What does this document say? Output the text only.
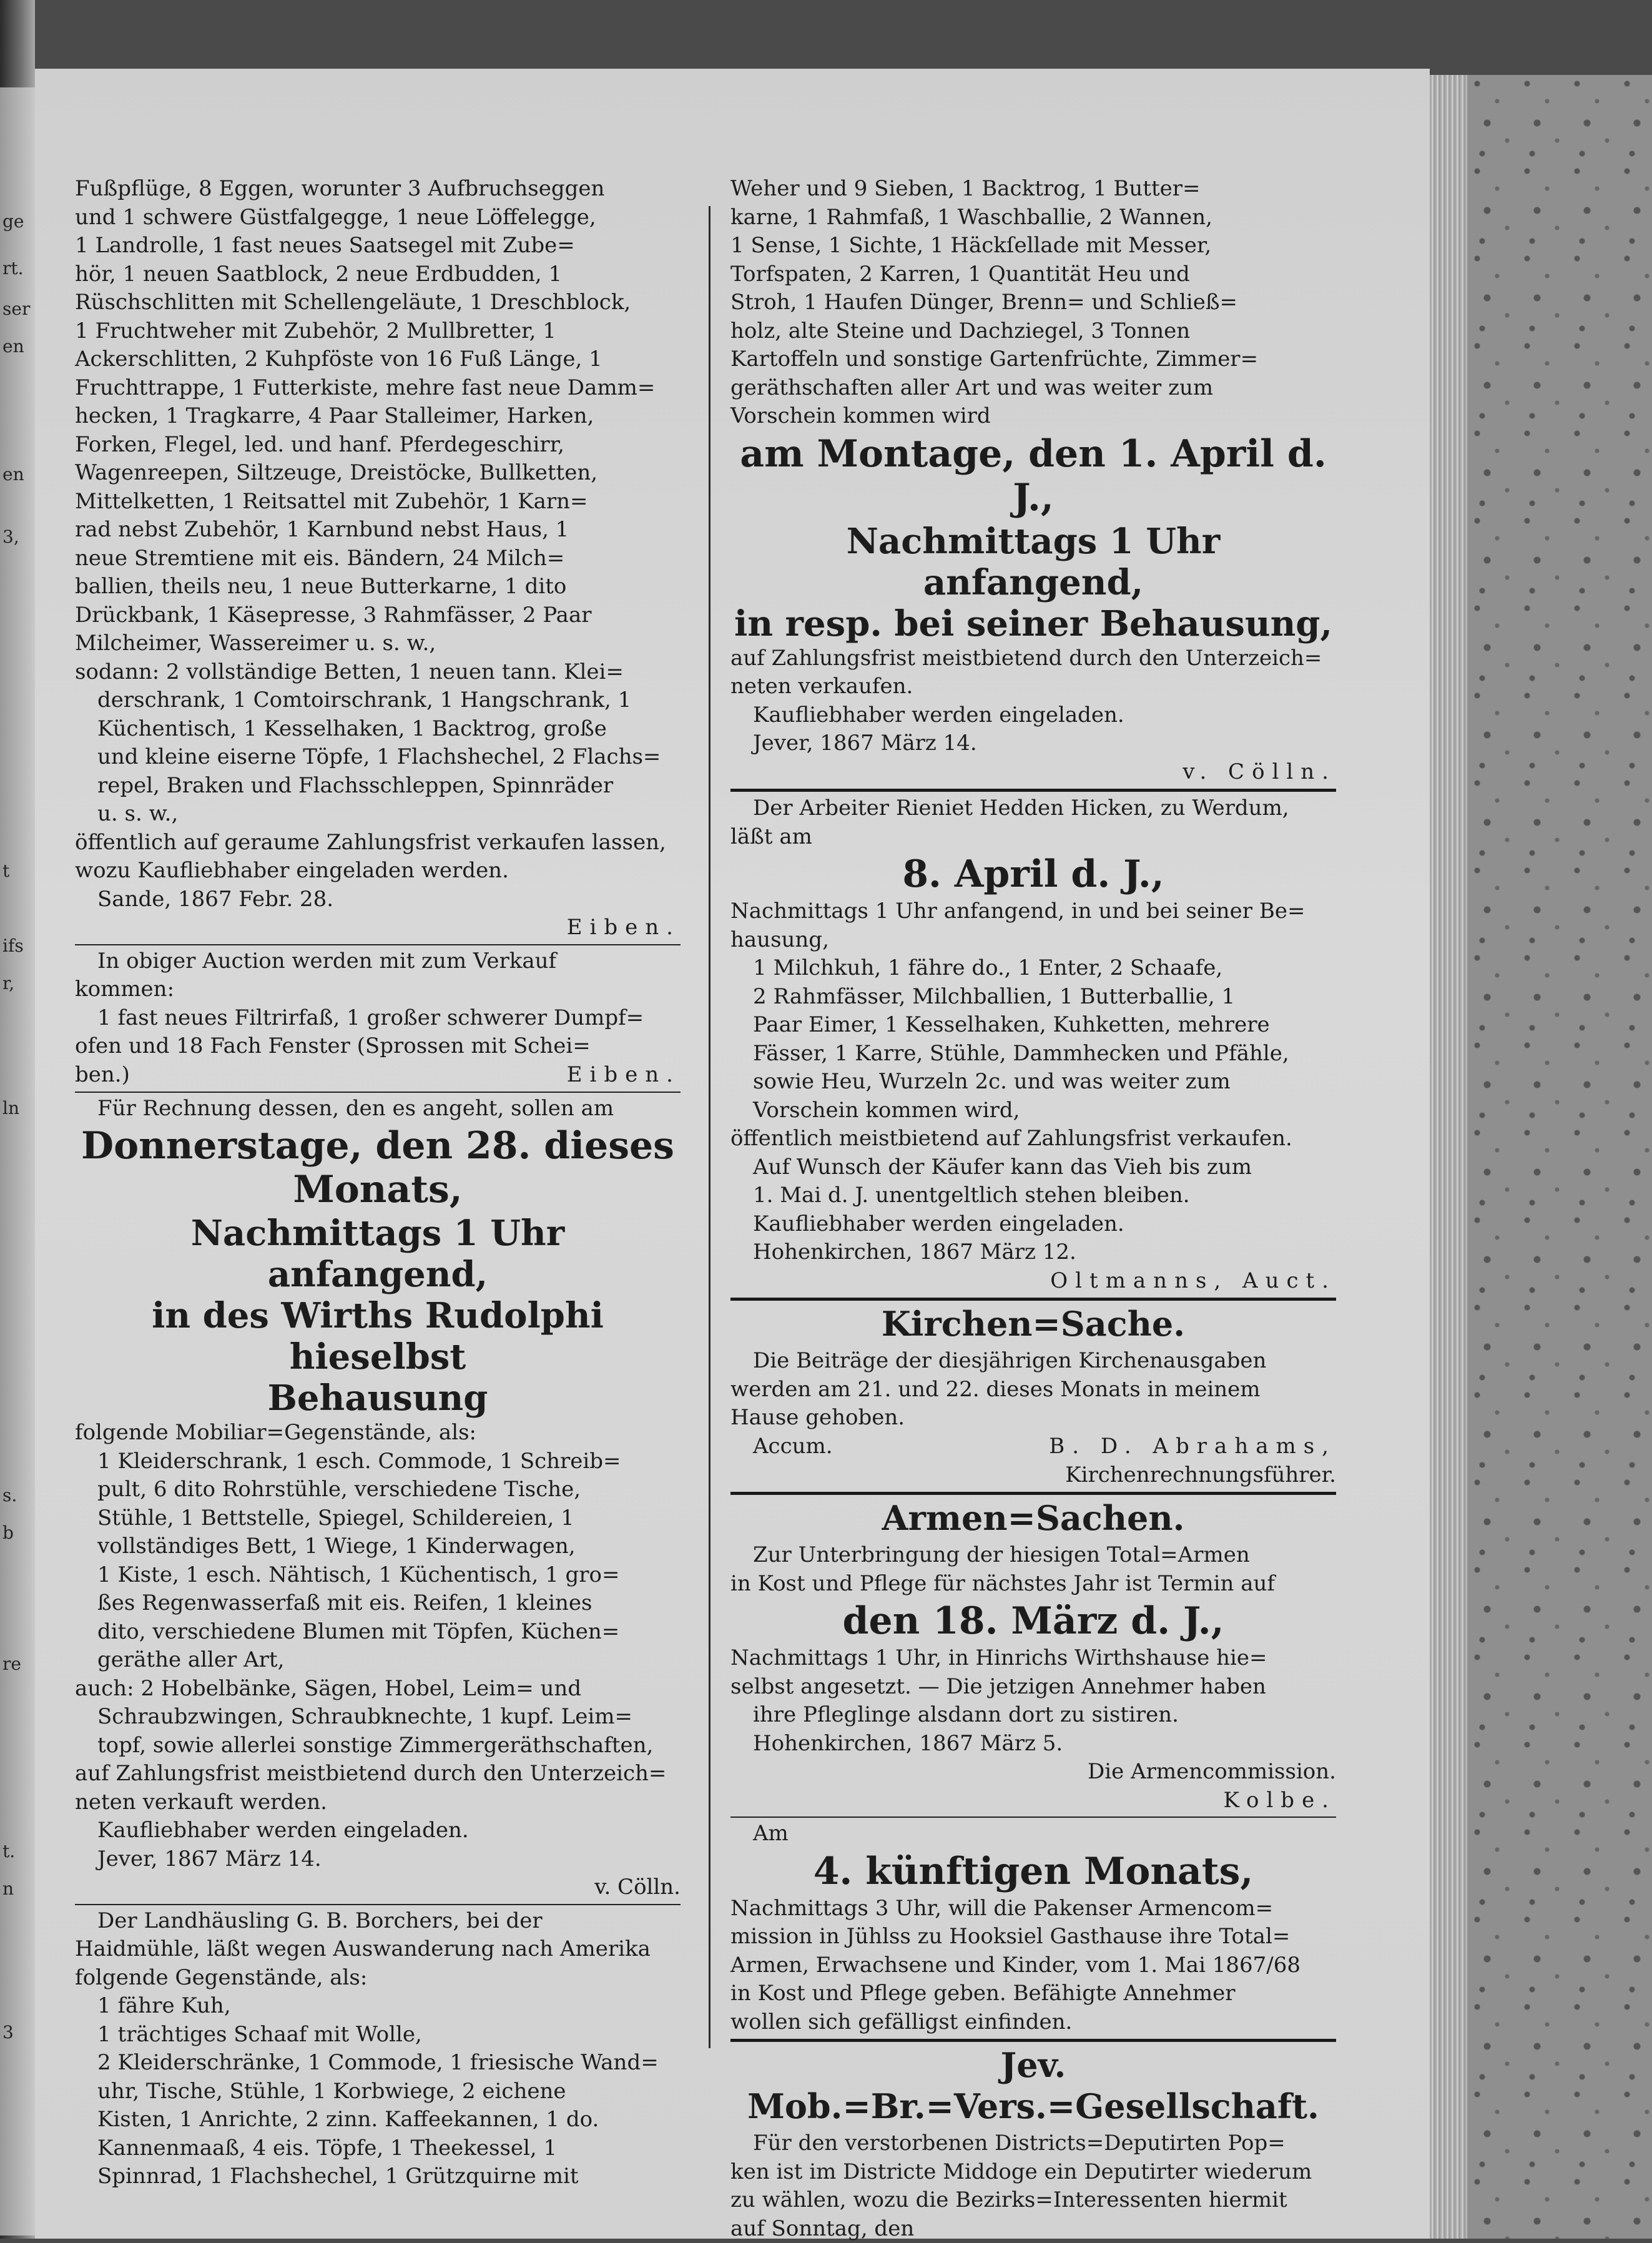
ge
rt.
ser
en
en
3,
t
ifs
r,
ln
s.
b
re
t.
n
3

Fußpflüge, 8 Eggen, worunter 3 Aufbruchseggen

und 1 schwere Güstfalgegge, 1 neue Löffelegge,

1 Landrolle, 1 fast neues Saatsegel mit Zube=

hör, 1 neuen Saatblock, 2 neue Erdbudden, 1

Rüschschlitten mit Schellengeläute, 1 Dreschblock,

1 Fruchtweher mit Zubehör, 2 Mullbretter, 1

Ackerschlitten, 2 Kuhpföste von 16 Fuß Länge, 1

Fruchttrappe, 1 Futterkiste, mehre fast neue Damm=

hecken, 1 Tragkarre, 4 Paar Stalleimer, Harken,

Forken, Flegel, led. und hanf. Pferdegeschirr,

Wagenreepen, Siltzeuge, Dreistöcke, Bullketten,

Mittelketten, 1 Reitsattel mit Zubehör, 1 Karn=

rad nebst Zubehör, 1 Karnbund nebst Haus, 1

neue Stremtiene mit eis. Bändern, 24 Milch=

ballien, theils neu, 1 neue Butterkarne, 1 dito

Drückbank, 1 Käsepresse, 3 Rahmfässer, 2 Paar

Milcheimer, Wassereimer u. s. w.,

sodann: 2 vollständige Betten, 1 neuen tann. Klei=

derschrank, 1 Comtoirschrank, 1 Hangschrank, 1

Küchentisch, 1 Kesselhaken, 1 Backtrog, große

und kleine eiserne Töpfe, 1 Flachshechel, 2 Flachs=

repel, Braken und Flachsschleppen, Spinnräder

u. s. w.,

öffentlich auf geraume Zahlungsfrist verkaufen lassen,

wozu Kaufliebhaber eingeladen werden.

Sande, 1867 Febr. 28.

Eiben.

In obiger Auction werden mit zum Verkauf

kommen:

1 fast neues Filtrirfaß, 1 großer schwerer Dumpf=

ofen und 18 Fach Fenster (Sprossen mit Schei=

ben.)	Eiben.

Für Rechnung dessen, den es angeht, sollen am

Donnerstage, den 28. dieses Monats,

Nachmittags 1 Uhr anfangend,

in des Wirths Rudolphi hieselbst

Behausung

folgende Mobiliar=Gegenstände, als:

1 Kleiderschrank, 1 esch. Commode, 1 Schreib=

pult, 6 dito Rohrstühle, verschiedene Tische,

Stühle, 1 Bettstelle, Spiegel, Schildereien, 1

vollständiges Bett, 1 Wiege, 1 Kinderwagen,

1 Kiste, 1 esch. Nähtisch, 1 Küchentisch, 1 gro=

ßes Regenwasserfaß mit eis. Reifen, 1 kleines

dito, verschiedene Blumen mit Töpfen, Küchen=

geräthe aller Art,

auch: 2 Hobelbänke, Sägen, Hobel, Leim= und

Schraubzwingen, Schraubknechte, 1 kupf. Leim=

topf, sowie allerlei sonstige Zimmergeräthschaften,

auf Zahlungsfrist meistbietend durch den Unterzeich=

neten verkauft werden.

Kaufliebhaber werden eingeladen.

Jever, 1867 März 14.

v. Cölln.

Der Landhäusling G. B. Borchers, bei der

Haidmühle, läßt wegen Auswanderung nach Amerika

folgende Gegenstände, als:

1 fähre Kuh,

1 trächtiges Schaaf mit Wolle,

2 Kleiderschränke, 1 Commode, 1 friesische Wand=

uhr, Tische, Stühle, 1 Korbwiege, 2 eichene

Kisten, 1 Anrichte, 2 zinn. Kaffeekannen, 1 do.

Kannenmaaß, 4 eis. Töpfe, 1 Theekessel, 1

Spinnrad, 1 Flachshechel, 1 Grützquirne mit

Weher und 9 Sieben, 1 Backtrog, 1 Butter=

karne, 1 Rahmfaß, 1 Waschballie, 2 Wannen,

1 Sense, 1 Sichte, 1 Häckſellade mit Messer,

Torfspaten, 2 Karren, 1 Quantität Heu und

Stroh, 1 Haufen Dünger, Brenn= und Schließ=

holz, alte Steine und Dachziegel, 3 Tonnen

Kartoffeln und sonstige Gartenfrüchte, Zimmer=

geräthschaften aller Art und was weiter zum

Vorschein kommen wird

am Montage, den 1. April d. J.,

Nachmittags 1 Uhr anfangend,

in resp. bei seiner Behausung,

auf Zahlungsfrist meistbietend durch den Unterzeich=

neten verkaufen.

Kaufliebhaber werden eingeladen.

Jever, 1867 März 14.

v. Cölln.

Der Arbeiter Rieniet Hedden Hicken, zu Werdum,

läßt am

8. April d. J.,

Nachmittags 1 Uhr anfangend, in und bei seiner Be=

hausung,

1 Milchkuh, 1 fähre do., 1 Enter, 2 Schaafe,

2 Rahmfässer, Milchballien, 1 Butterballie, 1

Paar Eimer, 1 Kesselhaken, Kuhketten, mehrere

Fässer, 1 Karre, Stühle, Dammhecken und Pfähle,

sowie Heu, Wurzeln 2c. und was weiter zum

Vorschein kommen wird,

öffentlich meistbietend auf Zahlungsfrist verkaufen.

Auf Wunsch der Käufer kann das Vieh bis zum

1. Mai d. J. unentgeltlich stehen bleiben.

Kaufliebhaber werden eingeladen.

Hohenkirchen, 1867 März 12.

Oltmanns, Auct.

Kirchen=Sache.

Die Beiträge der diesjährigen Kirchenausgaben

werden am 21. und 22. dieses Monats in meinem

Hause gehoben.

Accum.	B. D. Abrahams,

Kirchenrechnungsführer.

Armen=Sachen.

Zur Unterbringung der hiesigen Total=Armen

in Kost und Pflege für nächstes Jahr ist Termin auf

den 18. März d. J.,

Nachmittags 1 Uhr, in Hinrichs Wirthshause hie=

selbst angesetzt. — Die jetzigen Annehmer haben

ihre Pfleglinge alsdann dort zu sistiren.

Hohenkirchen, 1867 März 5.

Die Armencommission.

Kolbe.

Am

4. künftigen Monats,

Nachmittags 3 Uhr, will die Pakenser Armencom=

mission in Jühlss zu Hooksiel Gasthause ihre Total=

Armen, Erwachsene und Kinder, vom 1. Mai 1867/68

in Kost und Pflege geben. Befähigte Annehmer

wollen sich gefälligst einfinden.

Jev. Mob.=Br.=Vers.=Gesellschaft.

Für den verstorbenen Districts=Deputirten Pop=

ken ist im Districte Middoge ein Deputirter wiederum

zu wählen, wozu die Bezirks=Interessenten hiermit

auf Sonntag, den
